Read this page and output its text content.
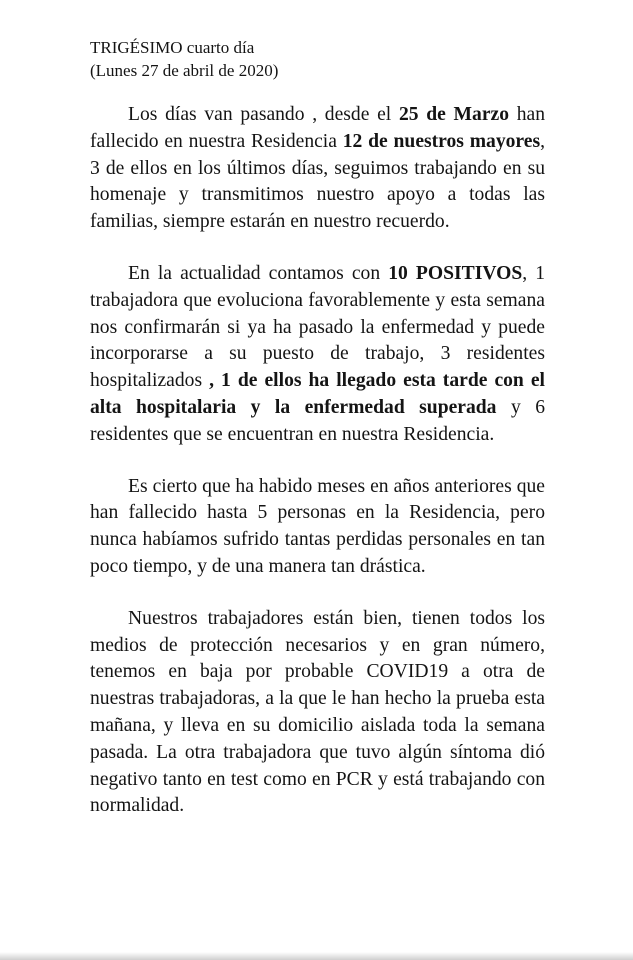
TRIGÉSIMO cuarto día
(Lunes 27 de abril de 2020)

Los días van pasando , desde el 25 de Marzo han fallecido en nuestra Residencia 12 de nuestros mayores, 3 de ellos en los últimos días, seguimos trabajando en su homenaje y transmitimos nuestro apoyo a todas las familias, siempre estarán en nuestro recuerdo.

En la actualidad contamos con 10 POSITIVOS, 1 trabajadora que evoluciona favorablemente y esta semana nos confirmarán si ya ha pasado la enfermedad y puede incorporarse a su puesto de trabajo, 3 residentes hospitalizados , 1 de ellos ha llegado esta tarde con el alta hospitalaria y la enfermedad superada y 6 residentes que se encuentran en nuestra Residencia.

Es cierto que ha habido meses en años anteriores que han fallecido hasta 5 personas en la Residencia, pero nunca habíamos sufrido tantas perdidas personales en tan poco tiempo, y de una manera tan drástica.

Nuestros trabajadores están bien, tienen todos los medios de protección necesarios y en gran número, tenemos en baja por probable COVID19 a otra de nuestras trabajadoras, a la que le han hecho la prueba esta mañana, y lleva en su domicilio aislada toda la semana pasada. La otra trabajadora que tuvo algún síntoma dió negativo tanto en test como en PCR y está trabajando con normalidad.
